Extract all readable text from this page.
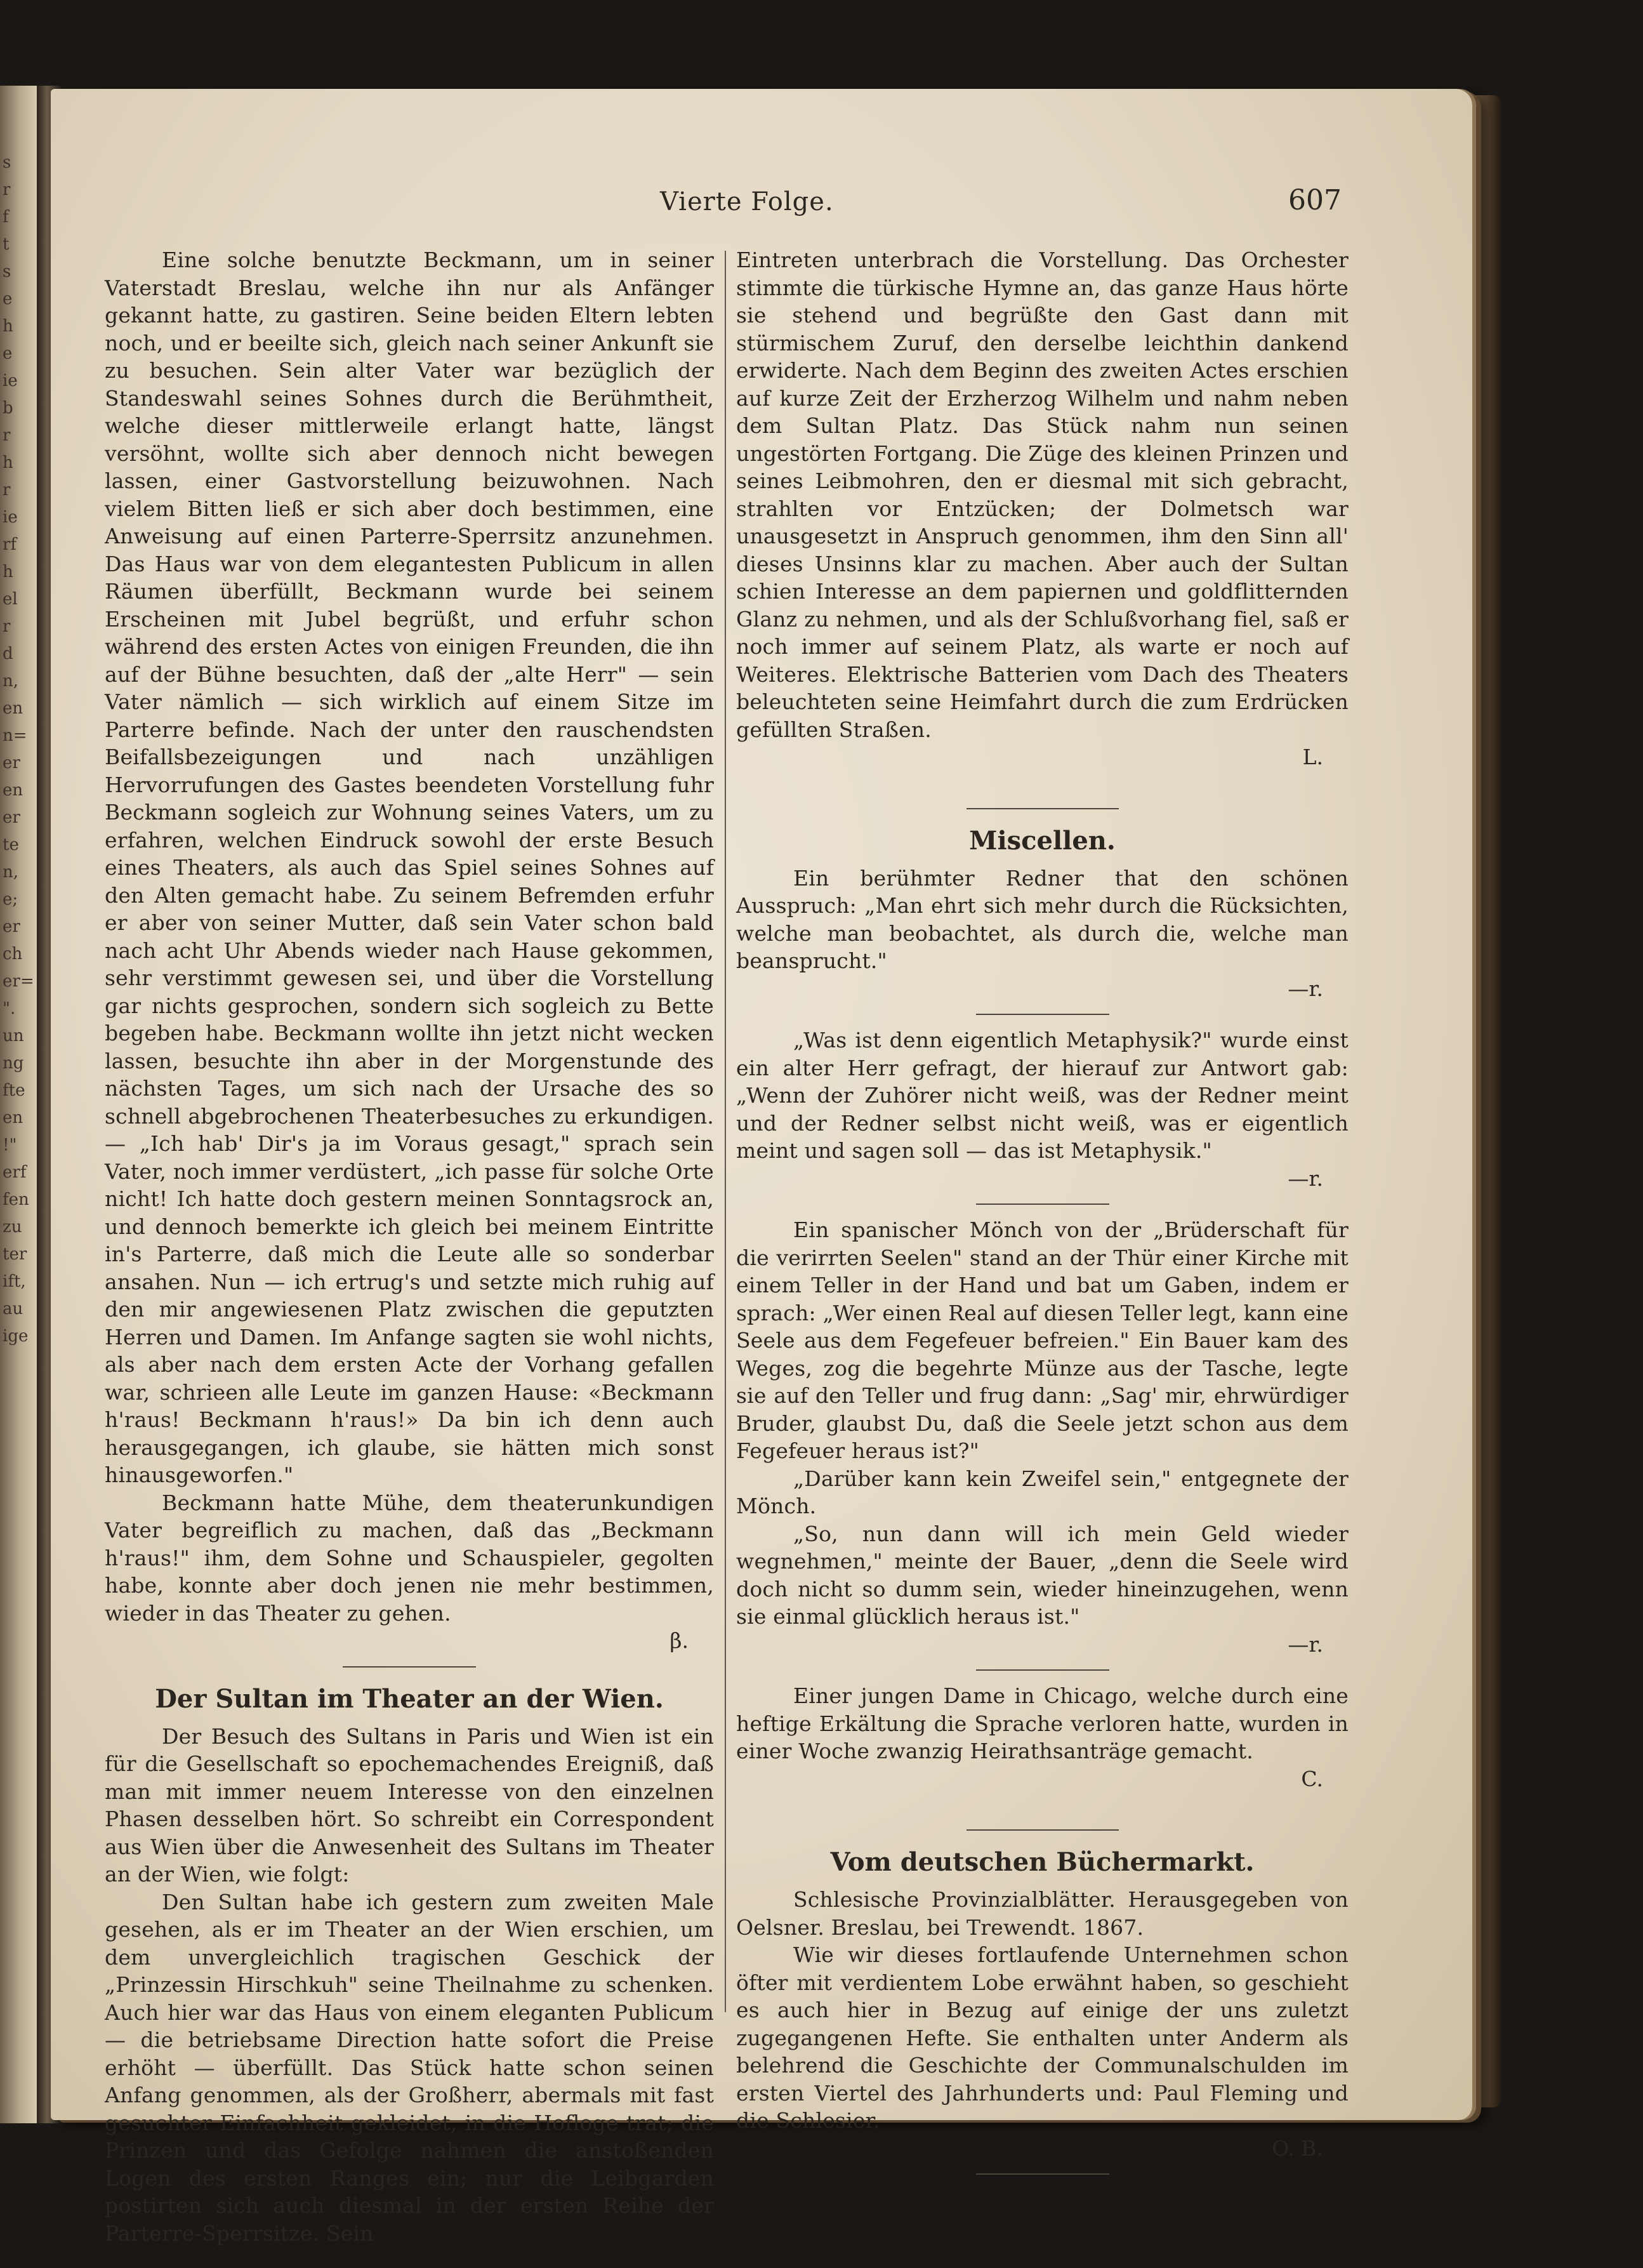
s
r
f
t
s
e
h
e
ie
b
r
h
r
ie
rf
h
el
r
d
n,
en
n=
er
en
er
te
n,
e;
er
ch
er=
".
un
ng
fte
en
!"
erf
fen
zu
ter
ift,
au
ige
Vierte Folge.	607

Eine solche benutzte Beckmann, um in seiner Vaterstadt Breslau, welche ihn nur als Anfänger gekannt hatte, zu gastiren. Seine beiden Eltern lebten noch, und er beeilte sich, gleich nach seiner Ankunft sie zu besuchen. Sein alter Vater war bezüglich der Standeswahl seines Sohnes durch die Berühmtheit, welche dieser mittlerweile erlangt hatte, längst versöhnt, wollte sich aber dennoch nicht bewegen lassen, einer Gastvorstellung beizuwohnen. Nach vielem Bitten ließ er sich aber doch bestimmen, eine Anweisung auf einen Parterre-Sperrsitz anzunehmen. Das Haus war von dem elegantesten Publicum in allen Räumen überfüllt, Beckmann wurde bei seinem Erscheinen mit Jubel begrüßt, und erfuhr schon während des ersten Actes von einigen Freunden, die ihn auf der Bühne besuchten, daß der „alte Herr" — sein Vater nämlich — sich wirklich auf einem Sitze im Parterre befinde. Nach der unter den rauschendsten Beifallsbezeigungen und nach unzähligen Hervorrufungen des Gastes beendeten Vorstellung fuhr Beckmann sogleich zur Wohnung seines Vaters, um zu erfahren, welchen Eindruck sowohl der erste Besuch eines Theaters, als auch das Spiel seines Sohnes auf den Alten gemacht habe. Zu seinem Befremden erfuhr er aber von seiner Mutter, daß sein Vater schon bald nach acht Uhr Abends wieder nach Hause gekommen, sehr verstimmt gewesen sei, und über die Vorstellung gar nichts gesprochen, sondern sich sogleich zu Bette begeben habe. Beckmann wollte ihn jetzt nicht wecken lassen, besuchte ihn aber in der Morgenstunde des nächsten Tages, um sich nach der Ursache des so schnell abgebrochenen Theaterbesuches zu erkundigen. — „Ich hab' Dir's ja im Voraus gesagt," sprach sein Vater, noch immer verdüstert, „ich passe für solche Orte nicht! Ich hatte doch gestern meinen Sonntagsrock an, und dennoch bemerkte ich gleich bei meinem Eintritte in's Parterre, daß mich die Leute alle so sonderbar ansahen. Nun — ich ertrug's und setzte mich ruhig auf den mir angewiesenen Platz zwischen die geputzten Herren und Damen. Im Anfange sagten sie wohl nichts, als aber nach dem ersten Acte der Vorhang gefallen war, schrieen alle Leute im ganzen Hause: «Beckmann h'raus! Beckmann h'raus!» Da bin ich denn auch herausgegangen, ich glaube, sie hätten mich sonst hinausgeworfen."

Beckmann hatte Mühe, dem theaterunkundigen Vater begreiflich zu machen, daß das „Beckmann h'raus!" ihm, dem Sohne und Schauspieler, gegolten habe, konnte aber doch jenen nie mehr bestimmen, wieder in das Theater zu gehen.

β.

Der Sultan im Theater an der Wien.

Der Besuch des Sultans in Paris und Wien ist ein für die Gesellschaft so epochemachendes Ereigniß, daß man mit immer neuem Interesse von den einzelnen Phasen desselben hört. So schreibt ein Correspondent aus Wien über die Anwesenheit des Sultans im Theater an der Wien, wie folgt:

Den Sultan habe ich gestern zum zweiten Male gesehen, als er im Theater an der Wien erschien, um dem unvergleichlich tragischen Geschick der „Prinzessin Hirschkuh" seine Theilnahme zu schenken. Auch hier war das Haus von einem eleganten Publicum — die betriebsame Direction hatte sofort die Preise erhöht — überfüllt. Das Stück hatte schon seinen Anfang genommen, als der Großherr, abermals mit fast gesuchter Einfachheit gekleidet, in die Hofloge trat; die Prinzen und das Gefolge nahmen die anstoßenden Logen des ersten Ranges ein; nur die Leibgarden postirten sich auch diesmal in der ersten Reihe der Parterre-Sperrsitze. Sein

Eintreten unterbrach die Vorstellung. Das Orchester stimmte die türkische Hymne an, das ganze Haus hörte sie stehend und begrüßte den Gast dann mit stürmischem Zuruf, den derselbe leichthin dankend erwiderte. Nach dem Beginn des zweiten Actes erschien auf kurze Zeit der Erzherzog Wilhelm und nahm neben dem Sultan Platz. Das Stück nahm nun seinen ungestörten Fortgang. Die Züge des kleinen Prinzen und seines Leibmohren, den er diesmal mit sich gebracht, strahlten vor Entzücken; der Dolmetsch war unausgesetzt in Anspruch genommen, ihm den Sinn all' dieses Unsinns klar zu machen. Aber auch der Sultan schien Interesse an dem papiernen und goldflitternden Glanz zu nehmen, und als der Schlußvorhang fiel, saß er noch immer auf seinem Platz, als warte er noch auf Weiteres. Elektrische Batterien vom Dach des Theaters beleuchteten seine Heimfahrt durch die zum Erdrücken gefüllten Straßen.

L.

Miscellen.

Ein berühmter Redner that den schönen Ausspruch: „Man ehrt sich mehr durch die Rücksichten, welche man beobachtet, als durch die, welche man beansprucht."

—r.

„Was ist denn eigentlich Metaphysik?" wurde einst ein alter Herr gefragt, der hierauf zur Antwort gab: „Wenn der Zuhörer nicht weiß, was der Redner meint und der Redner selbst nicht weiß, was er eigentlich meint und sagen soll — das ist Metaphysik."

—r.

Ein spanischer Mönch von der „Brüderschaft für die verirrten Seelen" stand an der Thür einer Kirche mit einem Teller in der Hand und bat um Gaben, indem er sprach: „Wer einen Real auf diesen Teller legt, kann eine Seele aus dem Fegefeuer befreien." Ein Bauer kam des Weges, zog die begehrte Münze aus der Tasche, legte sie auf den Teller und frug dann: „Sag' mir, ehrwürdiger Bruder, glaubst Du, daß die Seele jetzt schon aus dem Fegefeuer heraus ist?"

„Darüber kann kein Zweifel sein," entgegnete der Mönch.

„So, nun dann will ich mein Geld wieder wegnehmen," meinte der Bauer, „denn die Seele wird doch nicht so dumm sein, wieder hineinzugehen, wenn sie einmal glücklich heraus ist."

—r.

Einer jungen Dame in Chicago, welche durch eine heftige Erkältung die Sprache verloren hatte, wurden in einer Woche zwanzig Heirathsanträge gemacht.

C.

Vom deutschen Büchermarkt.

Schlesische Provinzialblätter. Herausgegeben von Oelsner. Breslau, bei Trewendt. 1867.

Wie wir dieses fortlaufende Unternehmen schon öfter mit verdientem Lobe erwähnt haben, so geschieht es auch hier in Bezug auf einige der uns zuletzt zugegangenen Hefte. Sie enthalten unter Anderm als belehrend die Geschichte der Communalschulden im ersten Viertel des Jahrhunderts und: Paul Fleming und die Schlesier.

O. B.
